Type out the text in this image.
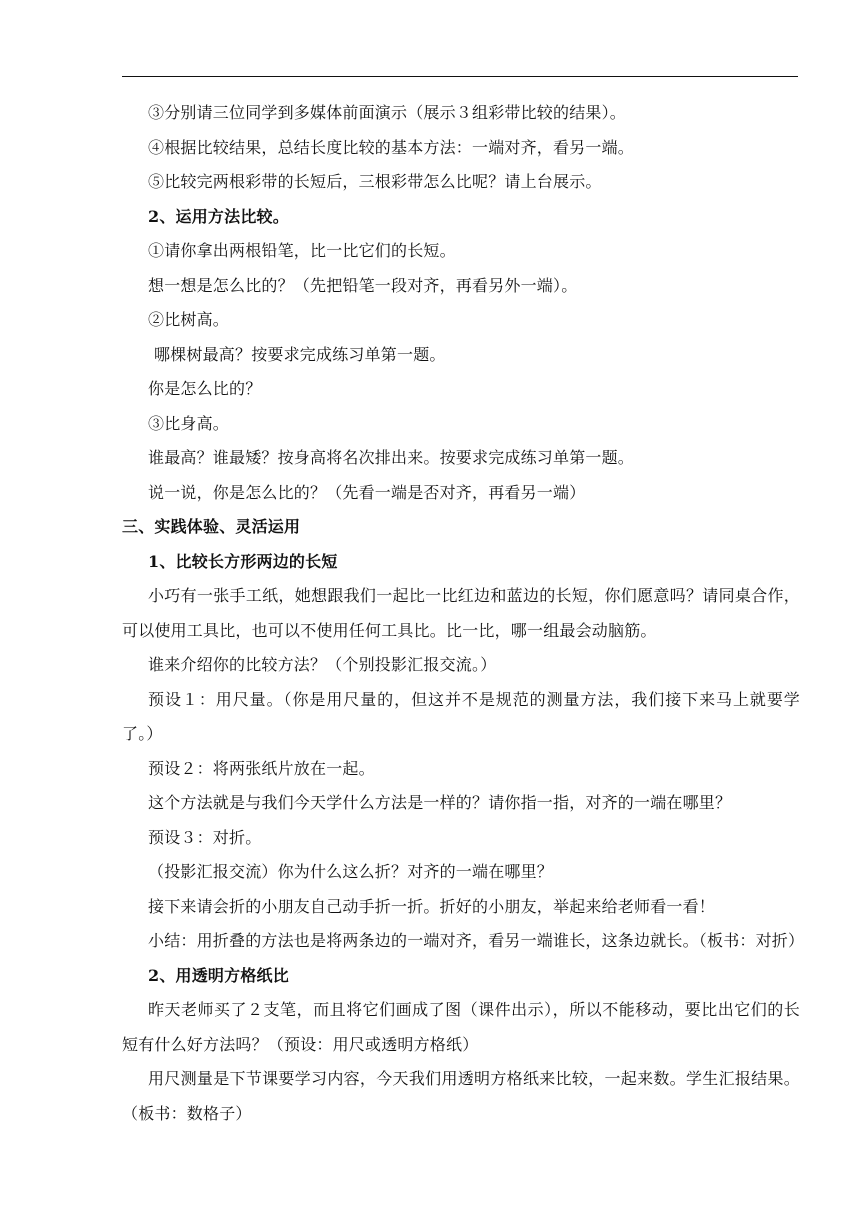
③分别请三位同学到多媒体前面演示（展示３组彩带比较的结果）。
④根据比较结果，总结长度比较的基本方法：一端对齐，看另一端。
⑤比较完两根彩带的长短后，三根彩带怎么比呢？请上台展示。
2、运用方法比较。
①请你拿出两根铅笔，比一比它们的长短。
想一想是怎么比的？（先把铅笔一段对齐，再看另外一端）。
②比树高。
哪棵树最高？按要求完成练习单第一题。
你是怎么比的？
③比身高。
谁最高？谁最矮？按身高将名次排出来。按要求完成练习单第一题。
说一说，你是怎么比的？（先看一端是否对齐，再看另一端）
三、实践体验、灵活运用
1、比较长方形两边的长短
小巧有一张手工纸，她想跟我们一起比一比红边和蓝边的长短，你们愿意吗？请同桌合作，可以使用工具比，也可以不使用任何工具比。比一比，哪一组最会动脑筋。
谁来介绍你的比较方法？（个别投影汇报交流。）
预设１：用尺量。（你是用尺量的，但这并不是规范的测量方法，我们接下来马上就要学了。）
预设２：将两张纸片放在一起。
这个方法就是与我们今天学什么方法是一样的？请你指一指，对齐的一端在哪里？
预设３：对折。
（投影汇报交流）你为什么这么折？对齐的一端在哪里？
接下来请会折的小朋友自己动手折一折。折好的小朋友，举起来给老师看一看！
小结：用折叠的方法也是将两条边的一端对齐，看另一端谁长，这条边就长。（板书：对折）
2、用透明方格纸比
昨天老师买了２支笔，而且将它们画成了图（课件出示），所以不能移动，要比出它们的长短有什么好方法吗？（预设：用尺或透明方格纸）
用尺测量是下节课要学习内容，今天我们用透明方格纸来比较，一起来数。学生汇报结果。（板书：数格子）
